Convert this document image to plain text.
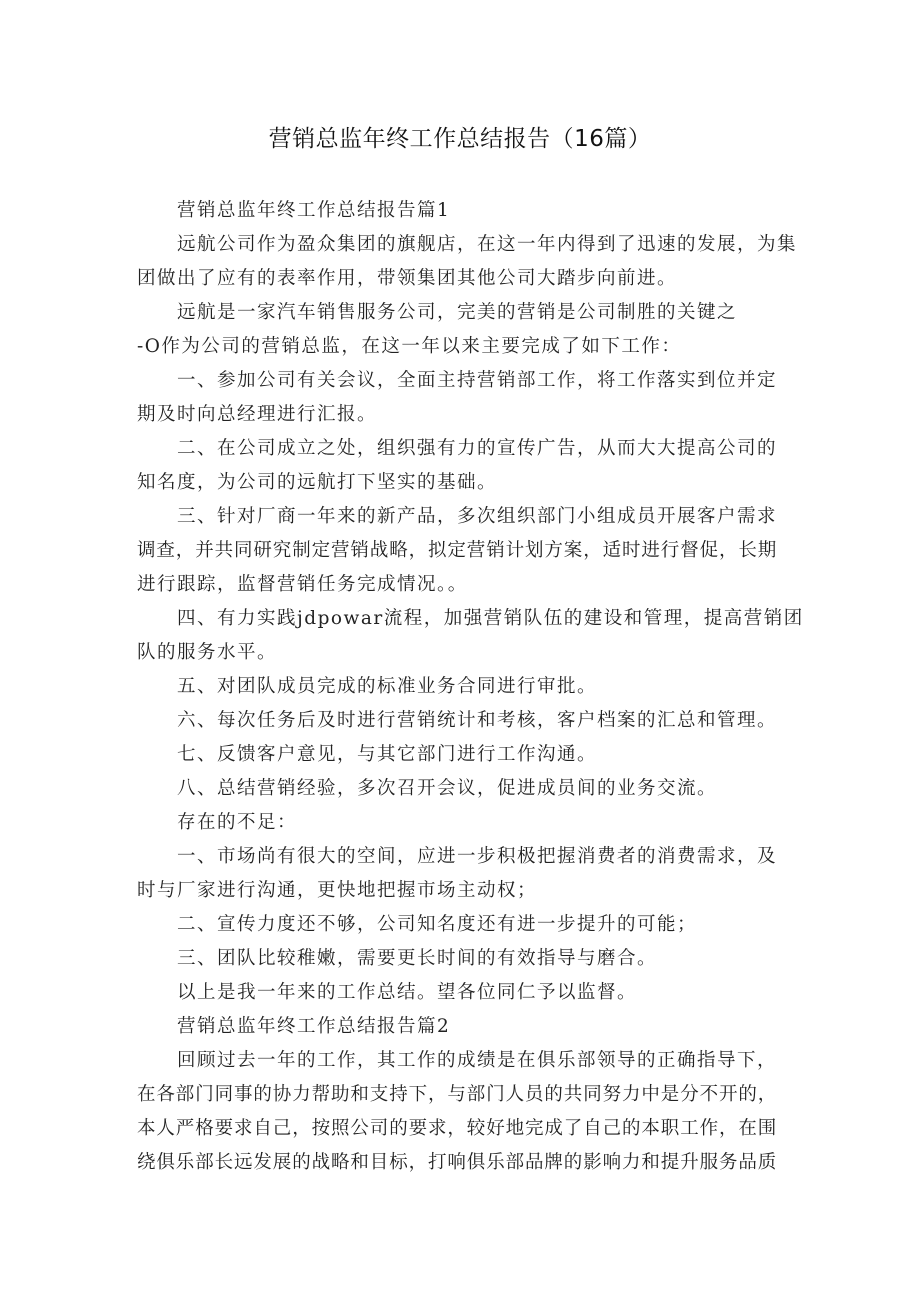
营销总监年终工作总结报告（16篇）
营销总监年终工作总结报告篇1
远航公司作为盈众集团的旗舰店，在这一年内得到了迅速的发展，为集
团做出了应有的表率作用，带领集团其他公司大踏步向前进。
远航是一家汽车销售服务公司，完美的营销是公司制胜的关键之
-O作为公司的营销总监，在这一年以来主要完成了如下工作：
一、参加公司有关会议，全面主持营销部工作，将工作落实到位并定
期及时向总经理进行汇报。
二、在公司成立之处，组织强有力的宣传广告，从而大大提高公司的
知名度，为公司的远航打下坚实的基础。
三、针对厂商一年来的新产品，多次组织部门小组成员开展客户需求
调查，并共同研究制定营销战略，拟定营销计划方案，适时进行督促，长期
进行跟踪，监督营销任务完成情况。。
四、有力实践jdpowar流程，加强营销队伍的建设和管理，提高营销团
队的服务水平。
五、对团队成员完成的标准业务合同进行审批。
六、每次任务后及时进行营销统计和考核，客户档案的汇总和管理。
七、反馈客户意见，与其它部门进行工作沟通。
八、总结营销经验，多次召开会议，促进成员间的业务交流。
存在的不足：
一、市场尚有很大的空间，应进一步积极把握消费者的消费需求，及
时与厂家进行沟通，更快地把握市场主动权；
二、宣传力度还不够，公司知名度还有进一步提升的可能；
三、团队比较稚嫩，需要更长时间的有效指导与磨合。
以上是我一年来的工作总结。望各位同仁予以监督。
营销总监年终工作总结报告篇2
回顾过去一年的工作，其工作的成绩是在俱乐部领导的正确指导下，
在各部门同事的协力帮助和支持下，与部门人员的共同努力中是分不开的，
本人严格要求自己，按照公司的要求，较好地完成了自己的本职工作，在围
绕俱乐部长远发展的战略和目标，打响俱乐部品牌的影响力和提升服务品质
